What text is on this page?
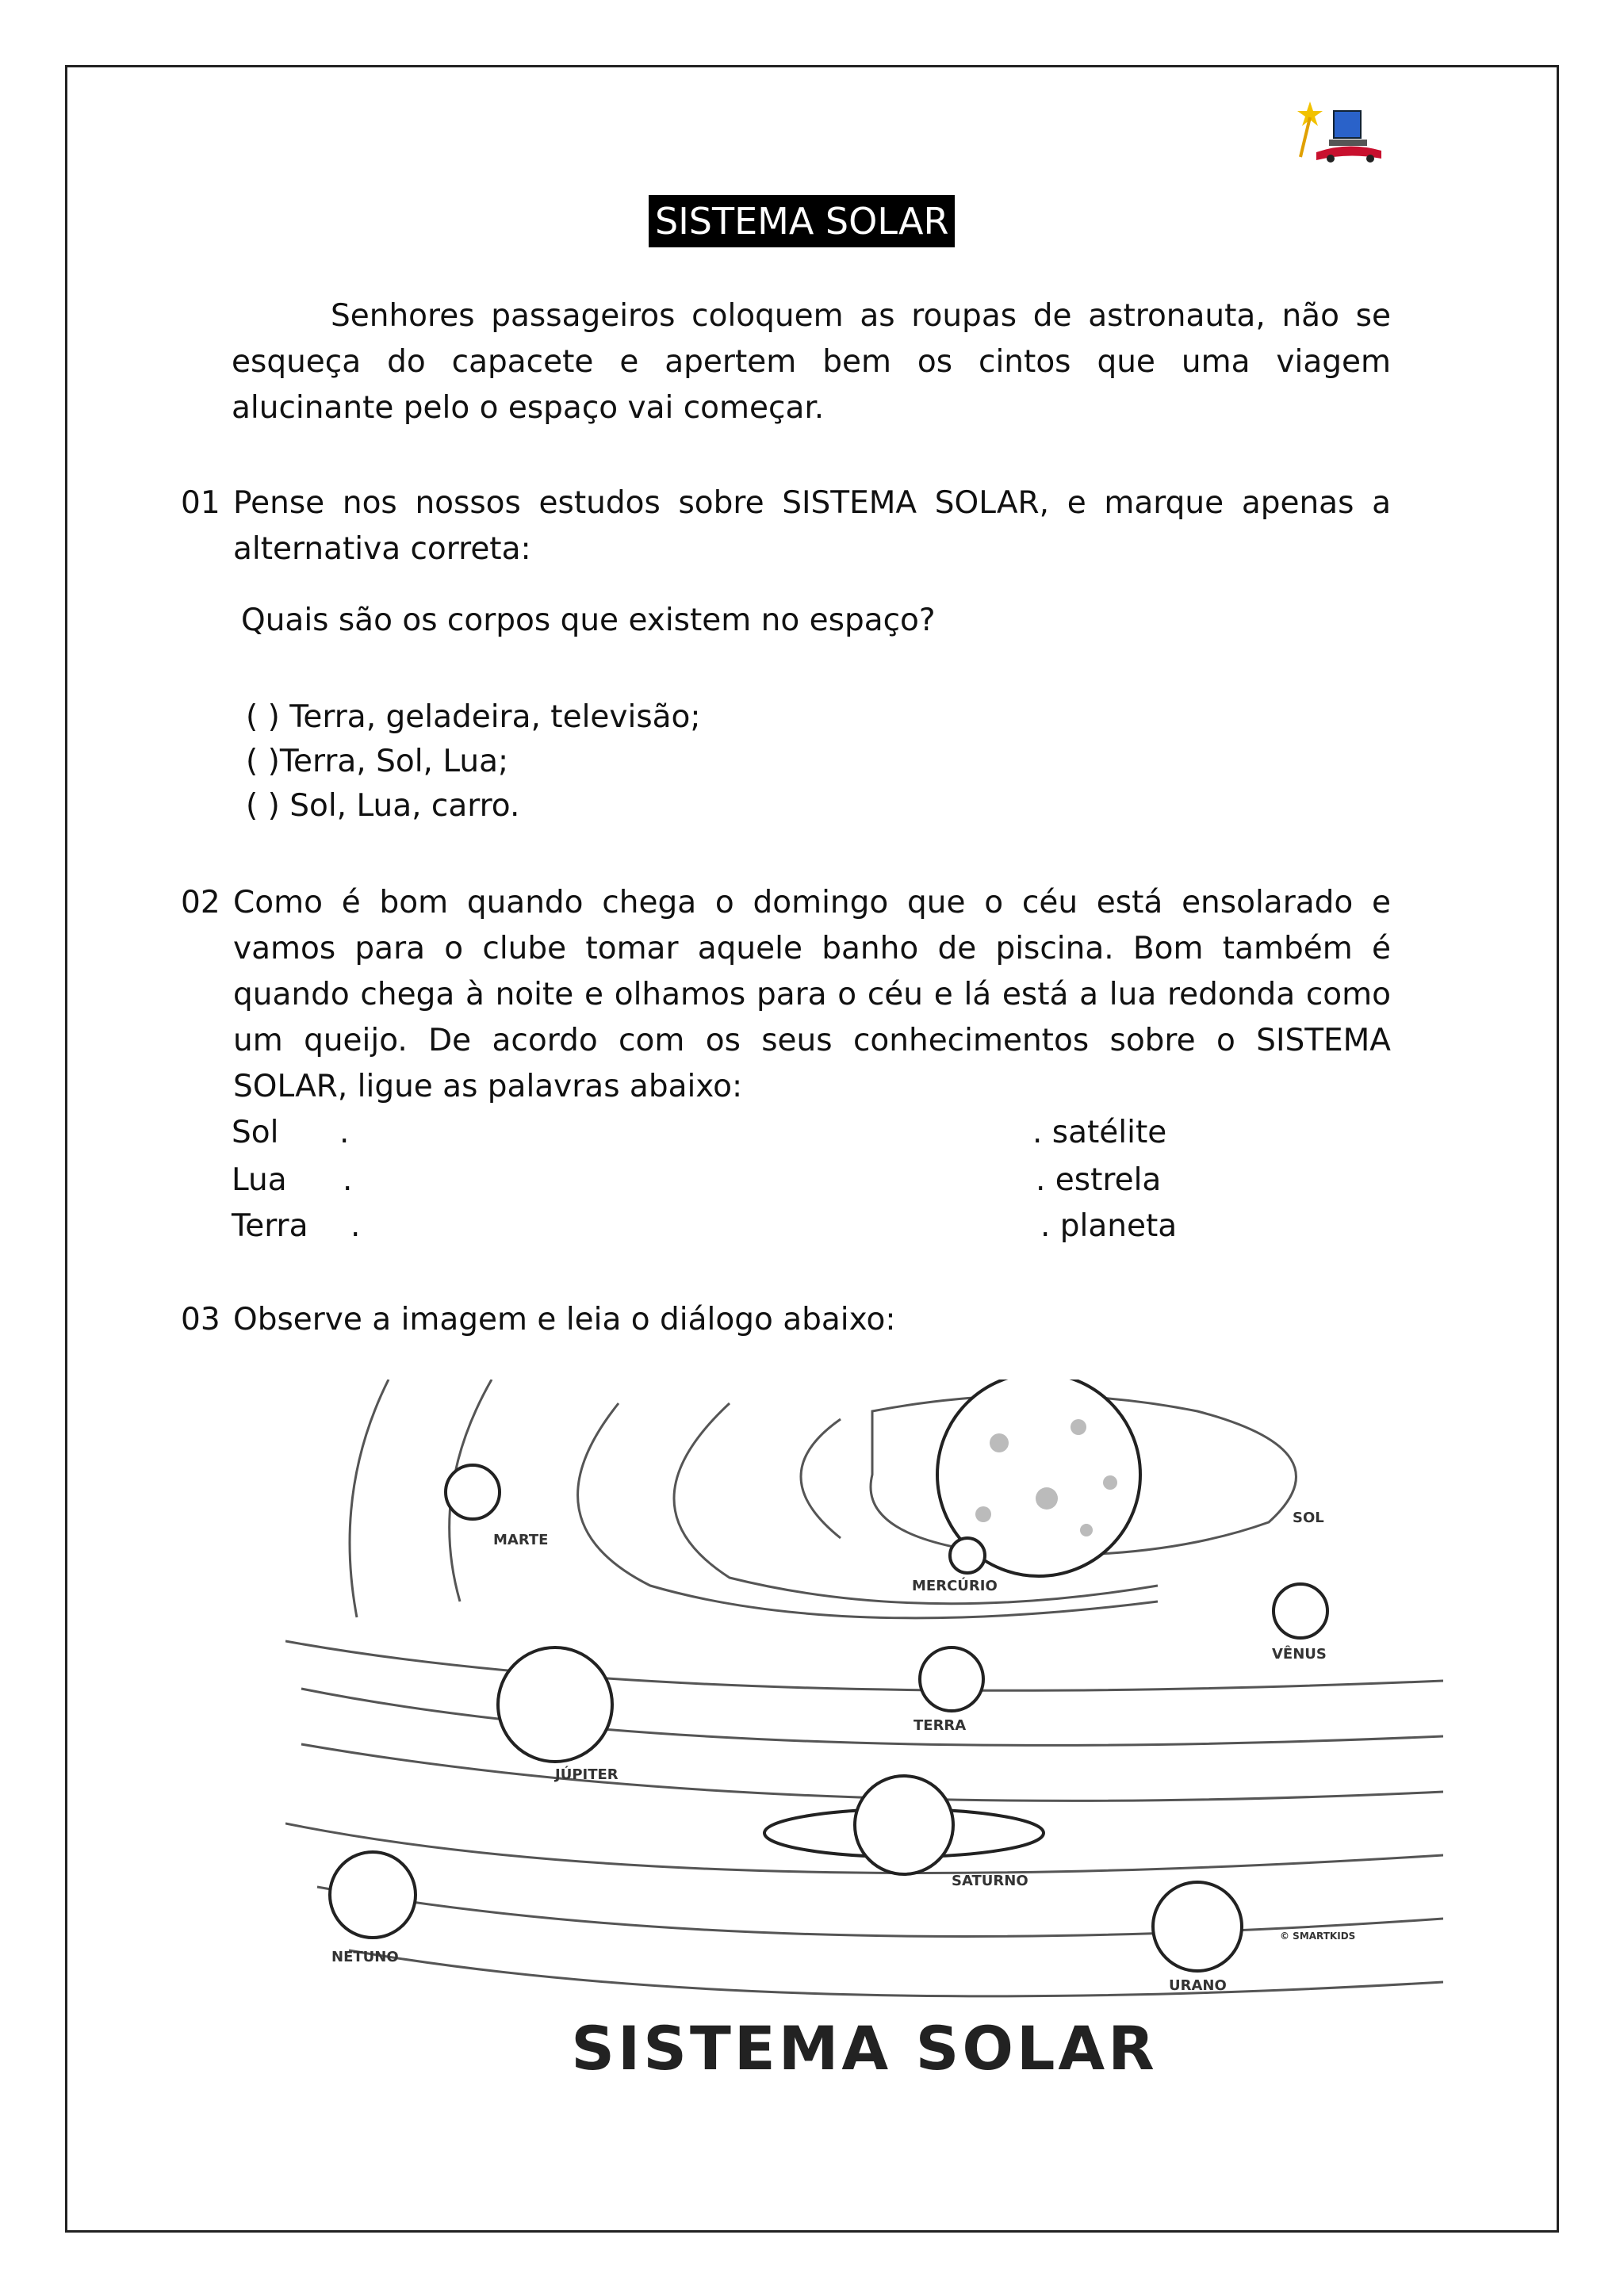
SISTEMA SOLAR

Senhores passageiros coloquem as roupas de astronauta, não se esqueça do capacete e apertem bem os cintos que uma viagem alucinante pelo o espaço vai começar.

01 Pense nos nossos estudos sobre SISTEMA SOLAR, e marque apenas a
alternativa correta:
Quais são os corpos que existem no espaço?
( ) Terra, geladeira, televisão;
( )Terra, Sol, Lua;
( ) Sol, Lua, carro.
02 Como é bom quando chega o domingo que o céu está ensolarado e vamos para o clube tomar aquele banho de piscina. Bom também é quando chega à noite e olhamos para o céu e lá está a lua redonda como um queijo. De acordo com os seus conhecimentos sobre o SISTEMA SOLAR, ligue as palavras abaixo:
Sol .
Lua .
Terra .
. satélite
. estrela
. planeta
03 Observe a imagem e leia o diálogo abaixo:
MARTE
SOL
MERCÚRIO
VÊNUS
TERRA
JÚPITER
SATURNO
NETUNO
URANO
© SMARTKIDS
SISTEMA SOLAR
